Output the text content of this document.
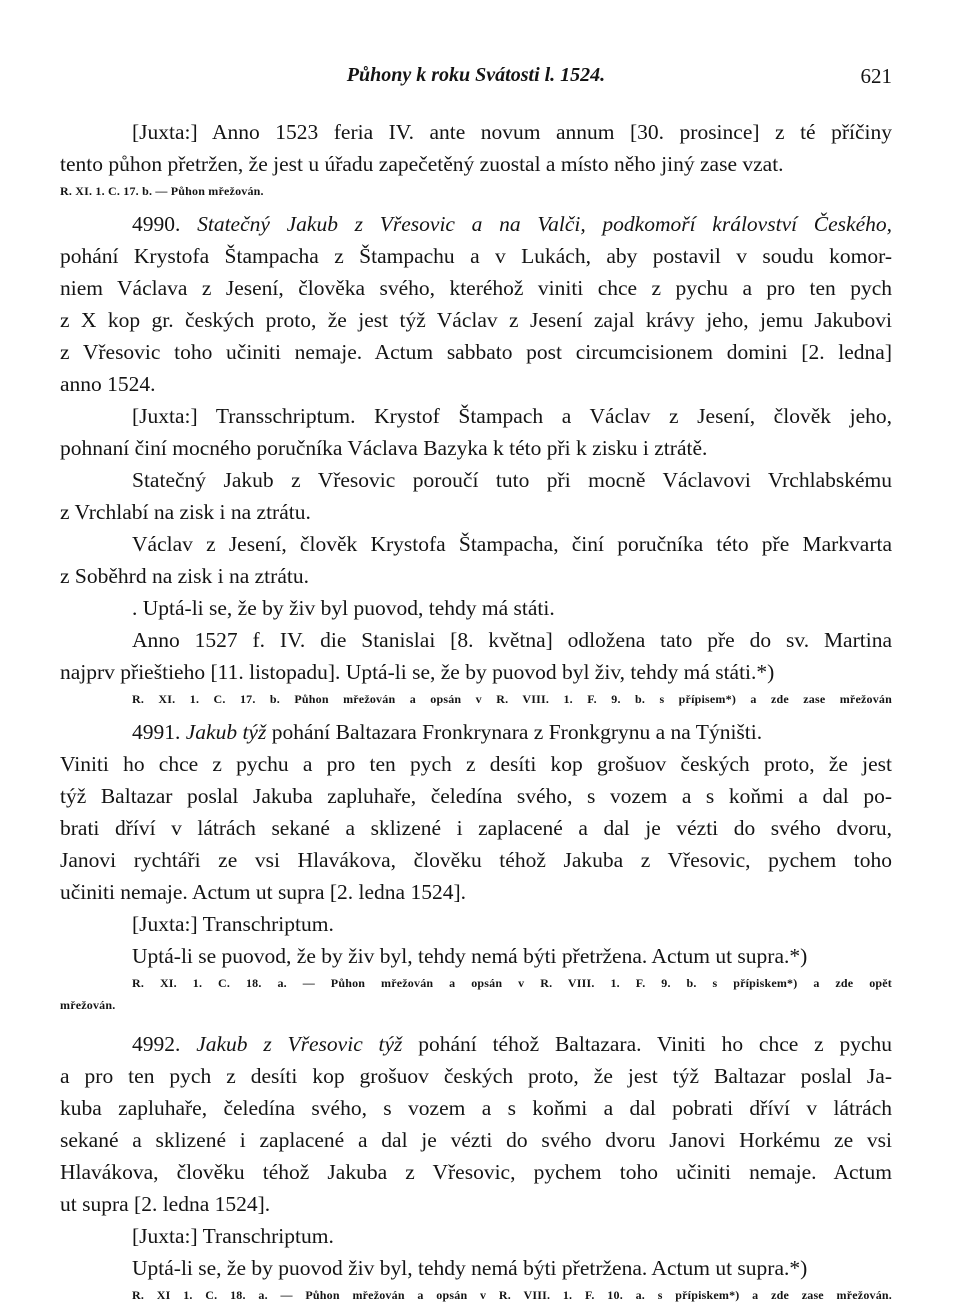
Půhony k roku Svátosti l. 1524.	621
[Juxta:] Anno 1523 feria IV. ante novum annum [30. prosince] z té příčiny
tento půhon přetržen, že jest u úřadu zapečetěný zuostal a místo něho jiný zase vzat.
R. XI. 1. C. 17. b. — Půhon mřežován.
4990. Statečný Jakub z Vřesovic a na Valči, podkomoří království Českého,
pohání Krystofa Štampacha z Štampachu a v Lukách, aby postavil v soudu komor-
niem Václava z Jesení, člověka svého, kteréhož viniti chce z pychu a pro ten pych
z X kop gr. českých proto, že jest týž Václav z Jesení zajal krávy jeho, jemu Jakubovi
z Vřesovic toho učiniti nemaje. Actum sabbato post circumcisionem domini [2. ledna]
anno 1524.
[Juxta:] Transschriptum. Krystof Štampach a Václav z Jesení, člověk jeho,
pohnaní činí mocného poručníka Václava Bazyka k této při k zisku i ztrátě.
Statečný Jakub z Vřesovic poroučí tuto při mocně Václavovi Vrchlabskému
z Vrchlabí na zisk i na ztrátu.
Václav z Jesení, člověk Krystofa Štampacha, činí poručníka této pře Markvarta
z Soběhrd na zisk i na ztrátu.
. Uptá-li se, že by živ byl puovod, tehdy má státi.
Anno 1527 f. IV. die Stanislai [8. května] odložena tato pře do sv. Martina
najprv přieštieho [11. listopadu]. Uptá-li se, že by puovod byl živ, tehdy má státi.*)
R. XI. 1. C. 17. b. Půhon mřežován a opsán v R. VIII. 1. F. 9. b. s přípisem*) a zde zase mřežován
4991. Jakub týž pohání Baltazara Fronkrynara z Fronkgrynu a na Týništi.
Viniti ho chce z pychu a pro ten pych z desíti kop grošuov českých proto, že jest
týž Baltazar poslal Jakuba zapluhaře, čeledína svého, s vozem a s koňmi a dal po-
brati dříví v látrách sekané a sklizené i zaplacené a dal je vézti do svého dvoru,
Janovi rychtáři ze vsi Hlavákova, člověku téhož Jakuba z Vřesovic, pychem toho
učiniti nemaje. Actum ut supra [2. ledna 1524].
[Juxta:] Transchriptum.
Uptá-li se puovod, že by živ byl, tehdy nemá býti přetržena. Actum ut supra.*)
R. XI. 1. C. 18. a. — Půhon mřežován a opsán v R. VIII. 1. F. 9. b. s přípiskem*) a zde opět
mřežován.
4992. Jakub z Vřesovic týž pohání téhož Baltazara. Viniti ho chce z pychu
a pro ten pych z desíti kop grošuov českých proto, že jest týž Baltazar poslal Ja-
kuba zapluhaře, čeledína svého, s vozem a s koňmi a dal pobrati dříví v látrách
sekané a sklizené i zaplacené a dal je vézti do svého dvoru Janovi Horkému ze vsi
Hlavákova, člověku téhož Jakuba z Vřesovic, pychem toho učiniti nemaje. Actum
ut supra [2. ledna 1524].
[Juxta:] Transchriptum.
Uptá-li se, že by puovod živ byl, tehdy nemá býti přetržena. Actum ut supra.*)
R. XI 1. C. 18. a. — Půhon mřežován a opsán v R. VIII. 1. F. 10. a. s přípiskem*) a zde zase mřežován.
